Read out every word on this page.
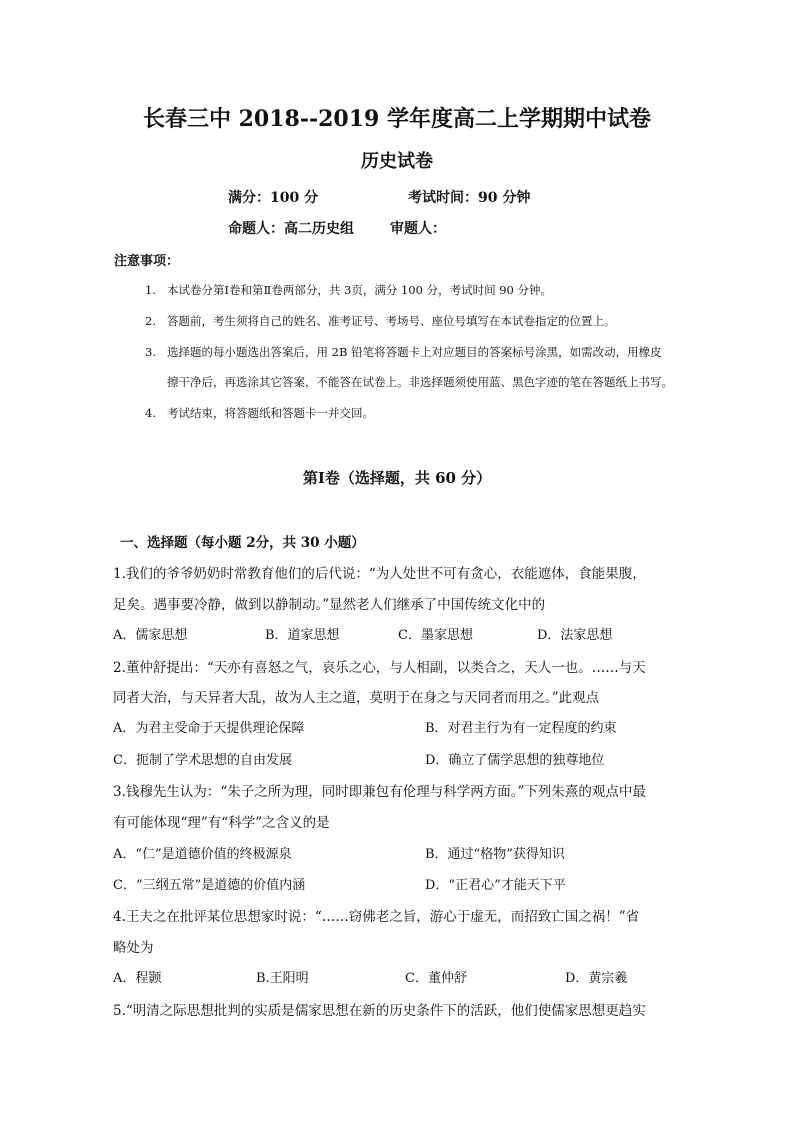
长春三中 2018--2019 学年度高二上学期期中试卷
历史试卷
满分：100 分	考试时间：90 分钟
命题人：高二历史组	审题人：
注意事项：
1. 本试卷分第Ⅰ卷和第Ⅱ卷两部分，共 3页，满分 100 分，考试时间 90 分钟。
2. 答题前，考生须将自己的姓名、准考证号、考场号、座位号填写在本试卷指定的位置上。
3. 选择题的每小题选出答案后，用 2B 铅笔将答题卡上对应题目的答案标号涂黑，如需改动，用橡皮
擦干净后，再选涂其它答案，不能答在试卷上。非选择题须使用蓝、黑色字迹的笔在答题纸上书写。
4. 考试结束，将答题纸和答题卡一并交回。
第Ⅰ卷（选择题，共 60 分）
一、选择题（每小题 2分，共 30 小题）
1.我们的爷爷奶奶时常教育他们的后代说：“为人处世不可有贪心，衣能遮体，食能果腹，
足矣。遇事要冷静，做到以静制动。”显然老人们继承了中国传统文化中的
A．儒家思想	B．道家思想	C．墨家思想	D．法家思想
2.董仲舒提出：“天亦有喜怒之气，哀乐之心，与人相副，以类合之，天人一也。……与天
同者大治，与天异者大乱，故为人主之道，莫明于在身之与天同者而用之。”此观点
A．为君主受命于天提供理论保障	B．对君主行为有一定程度的约束
C．扼制了学术思想的自由发展	D．确立了儒学思想的独尊地位
3.钱穆先生认为：“朱子之所为理，同时即兼包有伦理与科学两方面。”下列朱熹的观点中最
有可能体现“理”有“科学”之含义的是
A．“仁”是道德价值的终极源泉	B．通过“格物”获得知识
C．“三纲五常”是道德的价值内涵	D．“正君心”才能天下平
4.王夫之在批评某位思想家时说：“……窃佛老之旨，游心于虚无，而招致亡国之祸！”省
略处为
A．程颢	B.王阳明	C．董仲舒	D．黄宗羲
5.“明清之际思想批判的实质是儒家思想在新的历史条件下的活跃，他们使儒家思想更趋实
